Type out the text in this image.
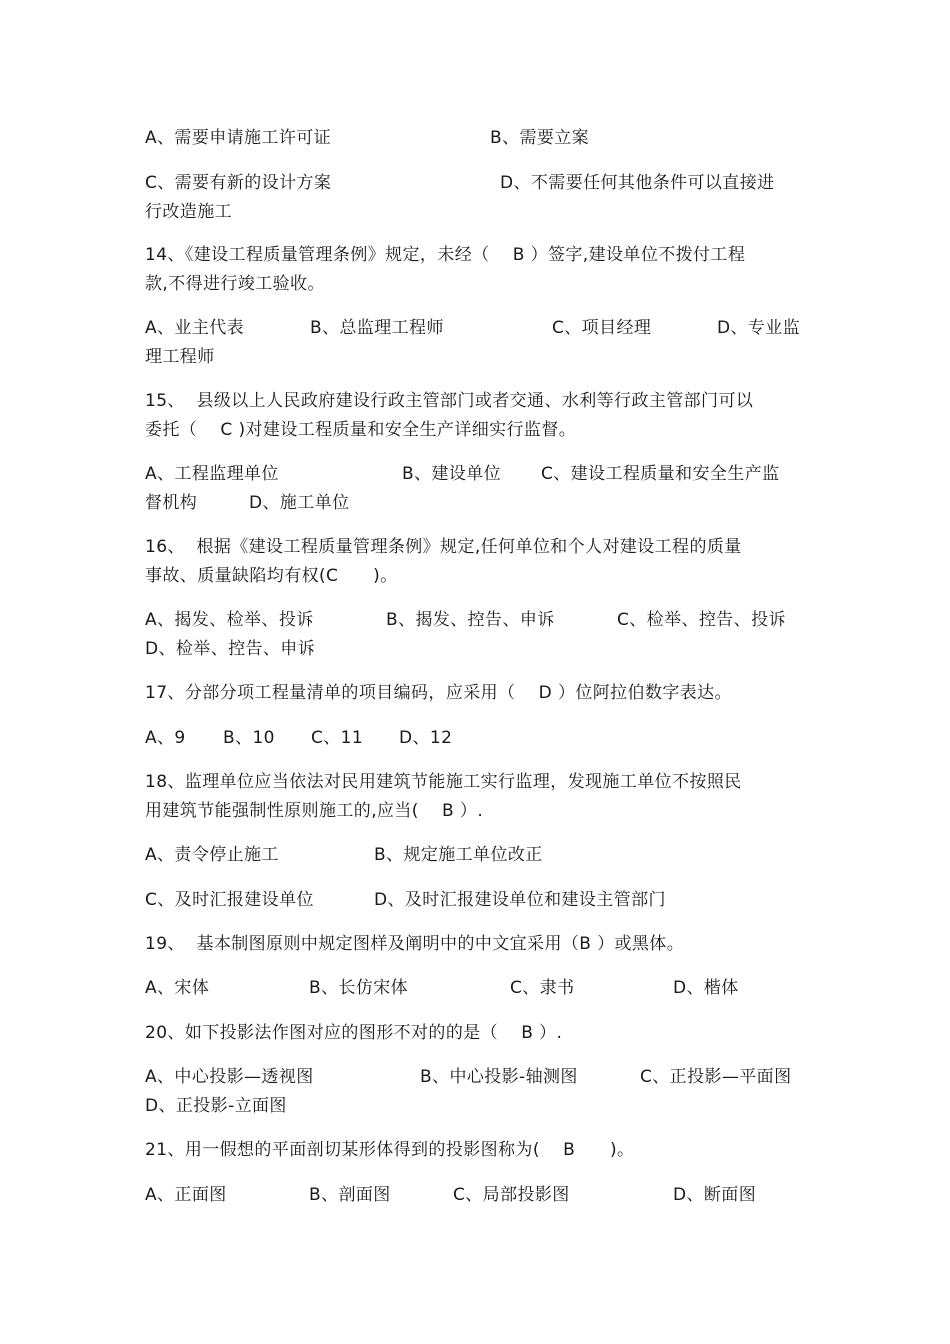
A、需要申请施工许可证

	B、需要立案

C、需要有新的设计方案

	D、不需要任何其他条件可以直接进

行改造施工
14、《建设工程质量管理条例》规定，未经（    B ）签字,建设单位不拨付工程
款,不得进行竣工验收。

A、业主代表

	B、总监理工程师

	C、项目经理

	D、专业监

理工程师
15、  县级以上人民政府建设行政主管部门或者交通、水利等行政主管部门可以
委托（    C )对建设工程质量和安全生产详细实行监督。

A、工程监理单位

	B、建设单位

C、建设工程质量和安全生产监

督机构

	D、施工单位

16、  根据《建设工程质量管理条例》规定,任何单位和个人对建设工程的质量
事故、质量缺陷均有权(C      )。

A、揭发、检举、投诉

	B、揭发、控告、申诉

	C、检举、控告、投诉

D、检举、控告、申诉
17、分部分项工程量清单的项目编码，应采用（    D ）位阿拉伯数字表达。

A、9

B、10

C、11

D、12

18、监理单位应当依法对民用建筑节能施工实行监理，发现施工单位不按照民
用建筑节能强制性原则施工的,应当(    B ）.

A、责令停止施工

	B、规定施工单位改正

C、及时汇报建设单位

	D、及时汇报建设单位和建设主管部门

19、  基本制图原则中规定图样及阐明中的中文宜采用（B ）或黑体。

A、宋体

	B、长仿宋体

	C、隶书

	D、楷体

20、如下投影法作图对应的图形不对的的是（    B ）.

A、中心投影—透视图

	B、中心投影-轴测图

	C、正投影—平面图

D、正投影-立面图
21、用一假想的平面剖切某形体得到的投影图称为(    B      )。

A、正面图

	B、剖面图

	C、局部投影图

	D、断面图
